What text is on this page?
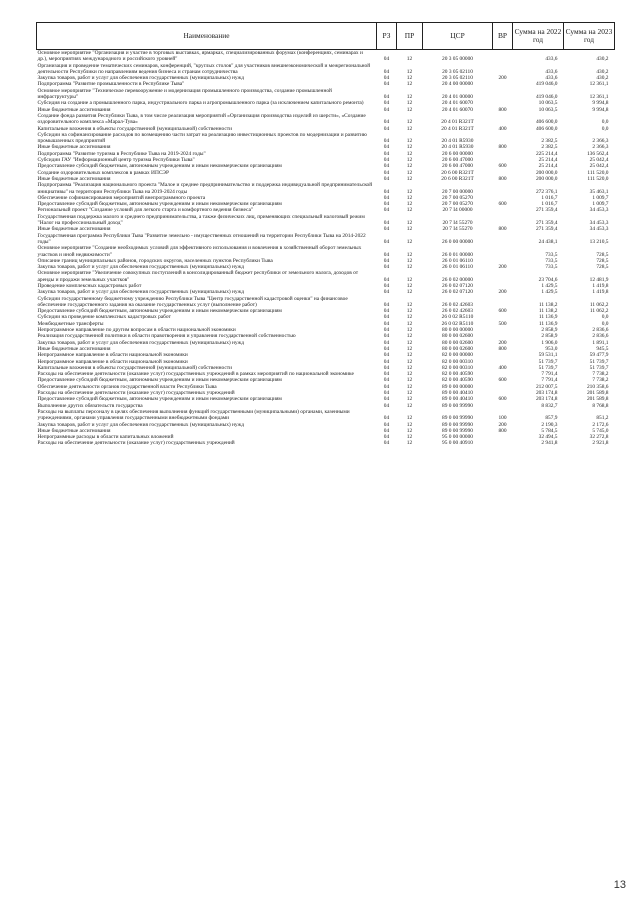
Наименование	РЗ	ПР	ЦСР	ВР	Сумма на 2022 год	Сумма на 2023 год
Основное мероприятие "Организация и участие в торговых выставках, ярмарках, специализированных форумах (конференциях, семинарах и др.), мероприятиях международного и российского уровней"	04	12	20 3 05 00000		433,6	430,2
Организация и проведение тематических семинаров, конференций, "круглых столов" для участников внешнеэкономической и межрегиональной деятельности Республики по направлениям ведения бизнеса и странам сотрудничества	04	12	20 3 05 02110		433,6	430,2
Закупка товаров, работ и услуг для обеспечения государственных (муниципальных) нужд	04	12	20 3 05 02110	200	433,6	430,2
Подпрограмма "Развитие промышленности в Республике Тыва"	04	12	20 4 00 00000		419 046,0	12 361,1
Основное мероприятие "Техническое перевооружение и модернизация промышленного производства, создание промышленной инфраструктуры"	04	12	20 4 01 00000		419 046,0	12 361,1
Субсидия на создание а промышленного парка, индустриального парка и агропромышленного парка (за исключением капитального ремонта)	04	12	20 4 01 60070		10 063,5	9 994,8
Иные бюджетные ассигнования	04	12	20 4 01 60070	800	10 063,5	9 994,8
Создание фонда развития Республики Тыва, в том числе реализация мероприятий «Организация производства изделий из шерсти», «Создание оздоровительного комплекса «Марал-Тува»	04	12	20 4 01 R321T		406 600,0	0,0
Капитальные вложения в объекты государственной (муниципальной) собственности	04	12	20 4 01 R321T	400	406 600,0	0,0
Субсидии на софинансирование расходов по возмещению части затрат на реализацию инвестиционных проектов по модернизации и развитию промышленных предприятий	04	12	20 4 01 R5930		2 382,5	2 366,3
Иные бюджетные ассигнования	04	12	20 4 01 R5930	800	2 382,5	2 366,3
Подпрограмма "Развитие туризма в Республике Тыва на 2019-2024 годы"	04	12	20 6 00 00000		225 214,4	136 562,4
Субсидии ГАУ "Информационный центр туризма Республики Тыва"	04	12	20 6 00 47000		25 214,4	25 042,4
Предоставление субсидий бюджетным, автономным учреждениям и иным некоммерческим организациям	04	12	20 6 00 47000	600	25 214,4	25 042,4
Создание оздоровительных комплексов в рамках ИПСЭР	04	12	20 6 00 R321T		200 000,0	111 520,0
Иные бюджетные ассигнования	04	12	20 6 00 R321T	800	200 000,0	111 520,0
Подпрограмма "Реализация национального проекта "Малое и среднее предпринимательство и поддержка индивидуальной предпринимательской инициативы" на территории Республики Тыва на 2019-2024 годы	04	12	20 7 00 00000		272 376,1	35 463,1
Обеспечение софинансирования мероприятий внепрограммного проекта	04	12	20 7 00 05270		1 016,7	1 009,7
Предоставление субсидий бюджетным, автономным учреждениям и иным некоммерческим организациям	04	12	20 7 00 05270	600	1 016,7	1 009,7
Региональный проект "Создание условий для легкого старта и комфортного ведения бизнеса"	04	12	20 7 I4 00000		271 359,4	34 453,3
Государственная поддержка малого и среднего предпринимательства, а также физических лиц, применяющих специальный налоговый режим "Налог на профессиональный доход"	04	12	20 7 I4 55270		271 359,4	34 453,3
Иные бюджетные ассигнования	04	12	20 7 I4 55270	800	271 359,4	34 453,3
Государственная программа Республики Тыва "Развитие земельно - имущественных отношений на территории Республики Тыва на 2014-2022 годы"	04	12	26 0 00 00000		24 438,1	13 210,5
Основное мероприятие "Создание необходимых условий для эффективного использования и вовлечения в хозяйственный оборот земельных участков и иной недвижимости"	04	12	26 0 01 00000		733,5	728,5
Описание границ муниципальных районов, городских округов, населенных пунктов Республики Тыва	04	12	26 0 01 06110		733,5	728,5
Закупка товаров, работ и услуг для обеспечения государственных (муниципальных) нужд	04	12	26 0 01 06110	200	733,5	728,5
Основное мероприятие "Увеличение совокупных поступлений в консолидированный бюджет республики от земельного налога, доходов от аренды и продажи земельных участков"	04	12	26 0 02 00000		23 704,6	12 481,9
Проведение комплексных кадастровых работ	04	12	26 0 02 07120		1 429,5	1 419,8
Закупка товаров, работ и услуг для обеспечения государственных (муниципальных) нужд	04	12	26 0 02 07120	200	1 429,5	1 419,8
Субсидии государственному бюджетному учреждению Республики Тыва "Центр государственной кадастровой оценки" на финансовое обеспечение государственного задания на оказание государственных услуг (выполнение работ)	04	12	26 0 02 42603		11 138,2	11 062,2
Предоставление субсидий бюджетным, автономным учреждениям и иным некоммерческим организациям	04	12	26 0 02 42603	600	11 138,2	11 062,2
Субсидии на проведение комплексных кадастровых работ	04	12	26 0 02 R5110		11 136,9	0,0
Межбюджетные трансферты	04	12	26 0 02 R5110	500	11 136,9	0,0
Непрограммное направление по другим вопросам в области национальной экономики	04	12	80 0 00 00000		2 858,9	2 836,6
Реализация государственной политики в области правотворения и управления государственной собственностью	04	12	80 0 00 02600		2 858,9	2 836,6
Закупка товаров, работ и услуг для обеспечения государственных (муниципальных) нужд	04	12	80 0 00 02600	200	1 906,0	1 891,1
Иные бюджетные ассигнования	04	12	80 0 00 02600	800	953,0	945,5
Непрограммное направление в области национальной экономики	04	12	82 0 00 00000		59 531,1	59 477,9
Непрограммное направление в области национальной экономики	04	12	82 0 00 00310		51 739,7	51 739,7
Капитальные вложения в объекты государственной (муниципальной) собственности	04	12	82 0 00 00310	400	51 739,7	51 739,7
Расходы на обеспечение деятельности (оказание услуг) государственных учреждений в рамках мероприятий по национальной экономике	04	12	82 0 00 40590		7 791,4	7 738,2
Предоставление субсидий бюджетным, автономным учреждениям и иным некоммерческим организациям	04	12	82 0 00 40590	600	7 791,4	7 738,2
Обеспечение деятельности органов государственной власти Республики Тыва	04	12	89 0 00 00000		212 007,5	210 358,6
Расходы на обеспечение деятельности (оказание услуг) государственных учреждений	04	12	89 0 00 40410		203 174,8	201 589,8
Предоставление субсидий бюджетным, автономным учреждениям и иным некоммерческим организациям	04	12	89 0 00 40410	600	203 174,8	201 589,8
Выполнение других обязательств государства	04	12	89 0 00 99990		8 832,7	8 768,8
Расходы на выплаты персоналу в целях обеспечения выполнения функций государственными (муниципальными) органами, казенными учреждениями, органами управления государственными внебюджетными фондами	04	12	89 0 00 99990	100	857,9	851,2
Закупка товаров, работ и услуг для обеспечения государственных (муниципальных) нужд	04	12	89 0 00 99990	200	2 190,3	2 172,6
Иные бюджетные ассигнования	04	12	89 0 00 99990	800	5 784,5	5 745,0
Непрограммные расходы в области капитальных вложений	04	12	95 0 00 00000		32 494,5	32 272,8
Расходы на обеспечение деятельности (оказание услуг) государственных учреждений	04	12	95 0 00 40910		2 941,8	2 921,8
13
